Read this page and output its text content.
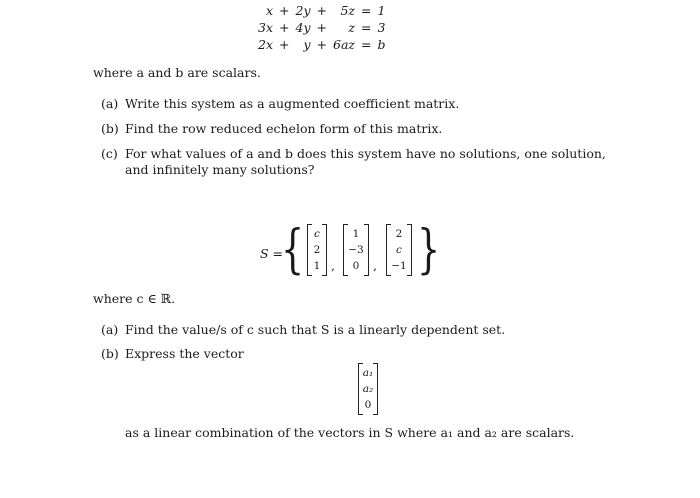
x	+	2y	+	5z	=	1
3x	+	4y	+	z	=	3
2x	+	y	+	6az	=	b
where a and b are scalars.
(a) Write this system as a augmented coefficient matrix.
(b) Find the row reduced echelon form of this matrix.
(c) For what values of a and b does this system have no solutions, one solution,
and infinitely many solutions?
S =
{ c
2
1 ,
1
−3
0	,
2
c
−1 }
where c ∈ ℝ.
(a) Find the value/s of c such that S is a linearly dependent set.
(b) Express the vector
a₁
a₂
0
as a linear combination of the vectors in S where a₁ and a₂ are scalars.
